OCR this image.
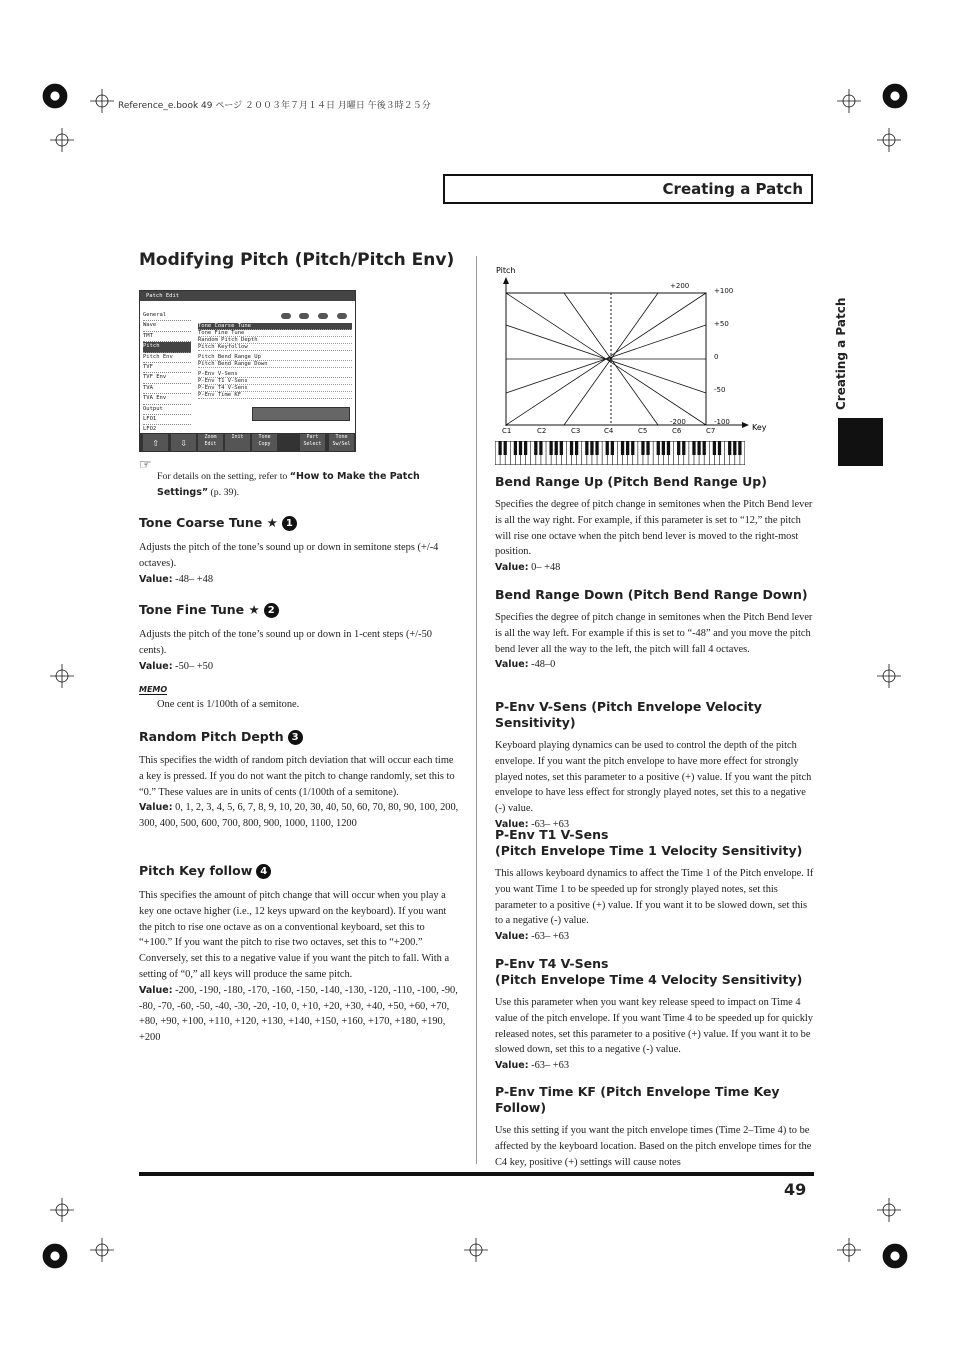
Reference_e.book 49 ページ ２００３年７月１４日 月曜日 午後３時２５分
Creating a Patch
Creating a Patch
Modifying Pitch (Pitch/Pitch Env)
Patch Edit
General
Wave
TMT
Pitch
Pitch Env
TVF
TVF Env
TVA
TVA Env
Output
LFO1
LFO2
Tone Coarse Tune
Tone Fine Tune
Random Pitch Depth
Pitch Keyfollow
Pitch Bend Range Up
Pitch Bend Range Down
P-Env V-Sens
P-Env T1 V-Sens
P-Env T4 V-Sens
P-Env Time KF
⇧	⇩	Zoom Edit
Init	Tone Copy
Part Select
Tone Sw/Sel
☞
For details on the setting, refer to “How to Make the Patch Settings” (p. 39).

Tone Coarse Tune ★ 1

Adjusts the pitch of the tone’s sound up or down in semitone steps (+/-4 octaves).

Value: -48– +48

Tone Fine Tune ★ 2

Adjusts the pitch of the tone’s sound up or down in 1-cent steps (+/-50 cents).

Value: -50– +50

MEMO
One cent is 1/100th of a semitone.

Random Pitch Depth 3

This specifies the width of random pitch deviation that will occur each time a key is pressed. If you do not want the pitch to change randomly, set this to “0.” These values are in units of cents (1/100th of a semitone).

Value: 0, 1, 2, 3, 4, 5, 6, 7, 8, 9, 10, 20, 30, 40, 50, 60, 70, 80, 90, 100, 200, 300, 400, 500, 600, 700, 800, 900, 1000, 1100, 1200

Pitch Key follow 4

This specifies the amount of pitch change that will occur when you play a key one octave higher (i.e., 12 keys upward on the keyboard). If you want the pitch to rise one octave as on a conventional keyboard, set this to “+100.” If you want the pitch to rise two octaves, set this to “+200.” Conversely, set this to a negative value if you want the pitch to fall. With a setting of “0,” all keys will produce the same pitch.

Value: -200, -190, -180, -170, -160, -150, -140, -130, -120, -110, -100, -90, -80, -70, -60, -50, -40, -30, -20, -10, 0, +10, +20, +30, +40, +50, +60, +70, +80, +90, +100, +110, +120, +130, +140, +150, +160, +170, +180, +190, +200

Pitch
Key
+100
+50
0
-50
-100
+200
-200
C1	C2	C3	C4	C5	C6	C7

Bend Range Up (Pitch Bend Range Up)

Specifies the degree of pitch change in semitones when the Pitch Bend lever is all the way right. For example, if this parameter is set to “12,” the pitch will rise one octave when the pitch bend lever is moved to the right-most position.

Value: 0– +48

Bend Range Down (Pitch Bend Range Down)

Specifies the degree of pitch change in semitones when the Pitch Bend lever is all the way left. For example if this is set to “-48” and you move the pitch bend lever all the way to the left, the pitch will fall 4 octaves.

Value: -48–0

P-Env V-Sens (Pitch Envelope Velocity Sensitivity)

Keyboard playing dynamics can be used to control the depth of the pitch envelope. If you want the pitch envelope to have more effect for strongly played notes, set this parameter to a positive (+) value. If you want the pitch envelope to have less effect for strongly played notes, set this to a negative (-) value.

Value: -63– +63

P-Env T1 V-Sens
(Pitch Envelope Time 1 Velocity Sensitivity)

This allows keyboard dynamics to affect the Time 1 of the Pitch envelope. If you want Time 1 to be speeded up for strongly played notes, set this parameter to a positive (+) value. If you want it to be slowed down, set this to a negative (-) value.

Value: -63– +63

P-Env T4 V-Sens
(Pitch Envelope Time 4 Velocity Sensitivity)

Use this parameter when you want key release speed to impact on Time 4 value of the pitch envelope. If you want Time 4 to be speeded up for quickly released notes, set this parameter to a positive (+) value. If you want it to be slowed down, set this to a negative (-) value.

Value: -63– +63

P-Env Time KF (Pitch Envelope Time Key Follow)

Use this setting if you want the pitch envelope times (Time 2–Time 4) to be affected by the keyboard location. Based on the pitch envelope times for the C4 key, positive (+) settings will cause notes

49
